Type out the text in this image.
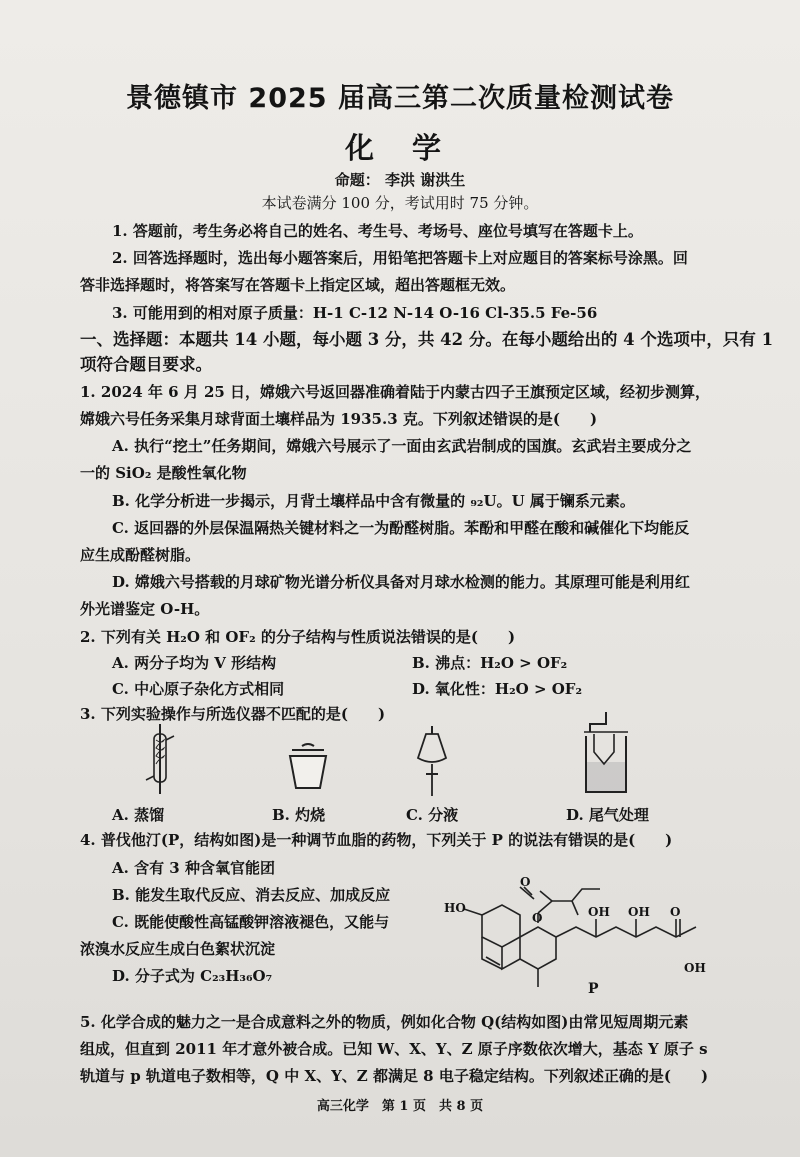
景德镇市 2025 届高三第二次质量检测试卷
化 学
命题： 李洪 谢洪生
本试卷满分 100 分，考试用时 75 分钟。
1. 答题前，考生务必将自己的姓名、考生号、考场号、座位号填写在答题卡上。
2. 回答选择题时，选出每小题答案后，用铅笔把答题卡上对应题目的答案标号涂黑。回
答非选择题时，将答案写在答题卡上指定区域，超出答题框无效。
3. 可能用到的相对原子质量：H-1 C-12 N-14 O-16 Cl-35.5 Fe-56
一、选择题：本题共 14 小题，每小题 3 分，共 42 分。在每小题给出的 4 个选项中，只有 1
项符合题目要求。
1. 2024 年 6 月 25 日，嫦娥六号返回器准确着陆于内蒙古四子王旗预定区域，经初步测算，
嫦娥六号任务采集月球背面土壤样品为 1935.3 克。下列叙述错误的是(　　)
A. 执行“挖土”任务期间，嫦娥六号展示了一面由玄武岩制成的国旗。玄武岩主要成分之
一的 SiO₂ 是酸性氧化物
B. 化学分析进一步揭示，月背土壤样品中含有微量的 ₉₂U。U 属于镧系元素。
C. 返回器的外层保温隔热关键材料之一为酚醛树脂。苯酚和甲醛在酸和碱催化下均能反
应生成酚醛树脂。
D. 嫦娥六号搭载的月球矿物光谱分析仪具备对月球水检测的能力。其原理可能是利用红
外光谱鉴定 O-H。
2. 下列有关 H₂O 和 OF₂ 的分子结构与性质说法错误的是(　　)
A. 两分子均为 V 形结构	B. 沸点：H₂O > OF₂
C. 中心原子杂化方式相同	D. 氧化性：H₂O > OF₂
3. 下列实验操作与所选仪器不匹配的是(　　)
A. 蒸馏	B. 灼烧	C. 分液	D. 尾气处理
4. 普伐他汀(P，结构如图)是一种调节血脂的药物，下列关于 P 的说法有错误的是(　　)
A. 含有 3 种含氧官能团
B. 能发生取代反应、消去反应、加成反应
C. 既能使酸性高锰酸钾溶液褪色，又能与
浓溴水反应生成白色絮状沉淀
D. 分子式为 C₂₃H₃₆O₇
HO
O
O
OH OH O
OH
P
5. 化学合成的魅力之一是合成意料之外的物质，例如化合物 Q(结构如图)由常见短周期元素
组成，但直到 2011 年才意外被合成。已知 W、X、Y、Z 原子序数依次增大，基态 Y 原子 s
轨道与 p 轨道电子数相等，Q 中 X、Y、Z 都满足 8 电子稳定结构。下列叙述正确的是(　　)
高三化学　第 1 页　共 8 页
